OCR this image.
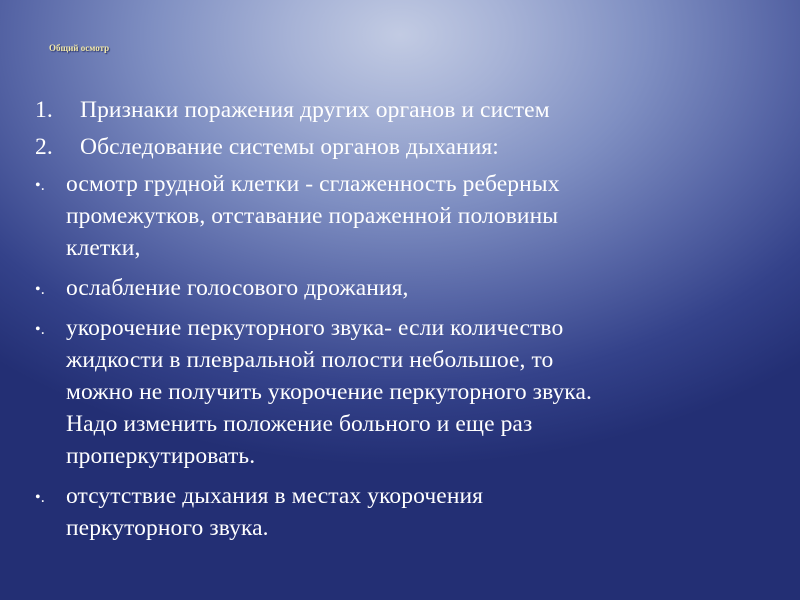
Общий осмотр
1. Признаки поражения других органов и систем
2. Обследование системы органов дыхания:
•. осмотр грудной клетки - сглаженность реберных
промежутков, отставание пораженной половины
клетки,
•. ослабление голосового дрожания,
•. укорочение перкуторного звука- если количество
жидкости в плевральной полости небольшое, то
можно не получить укорочение перкуторного звука.
Надо изменить положение больного и еще раз
проперкутировать.
•. отсутствие дыхания в местах укорочения
перкуторного звука.
